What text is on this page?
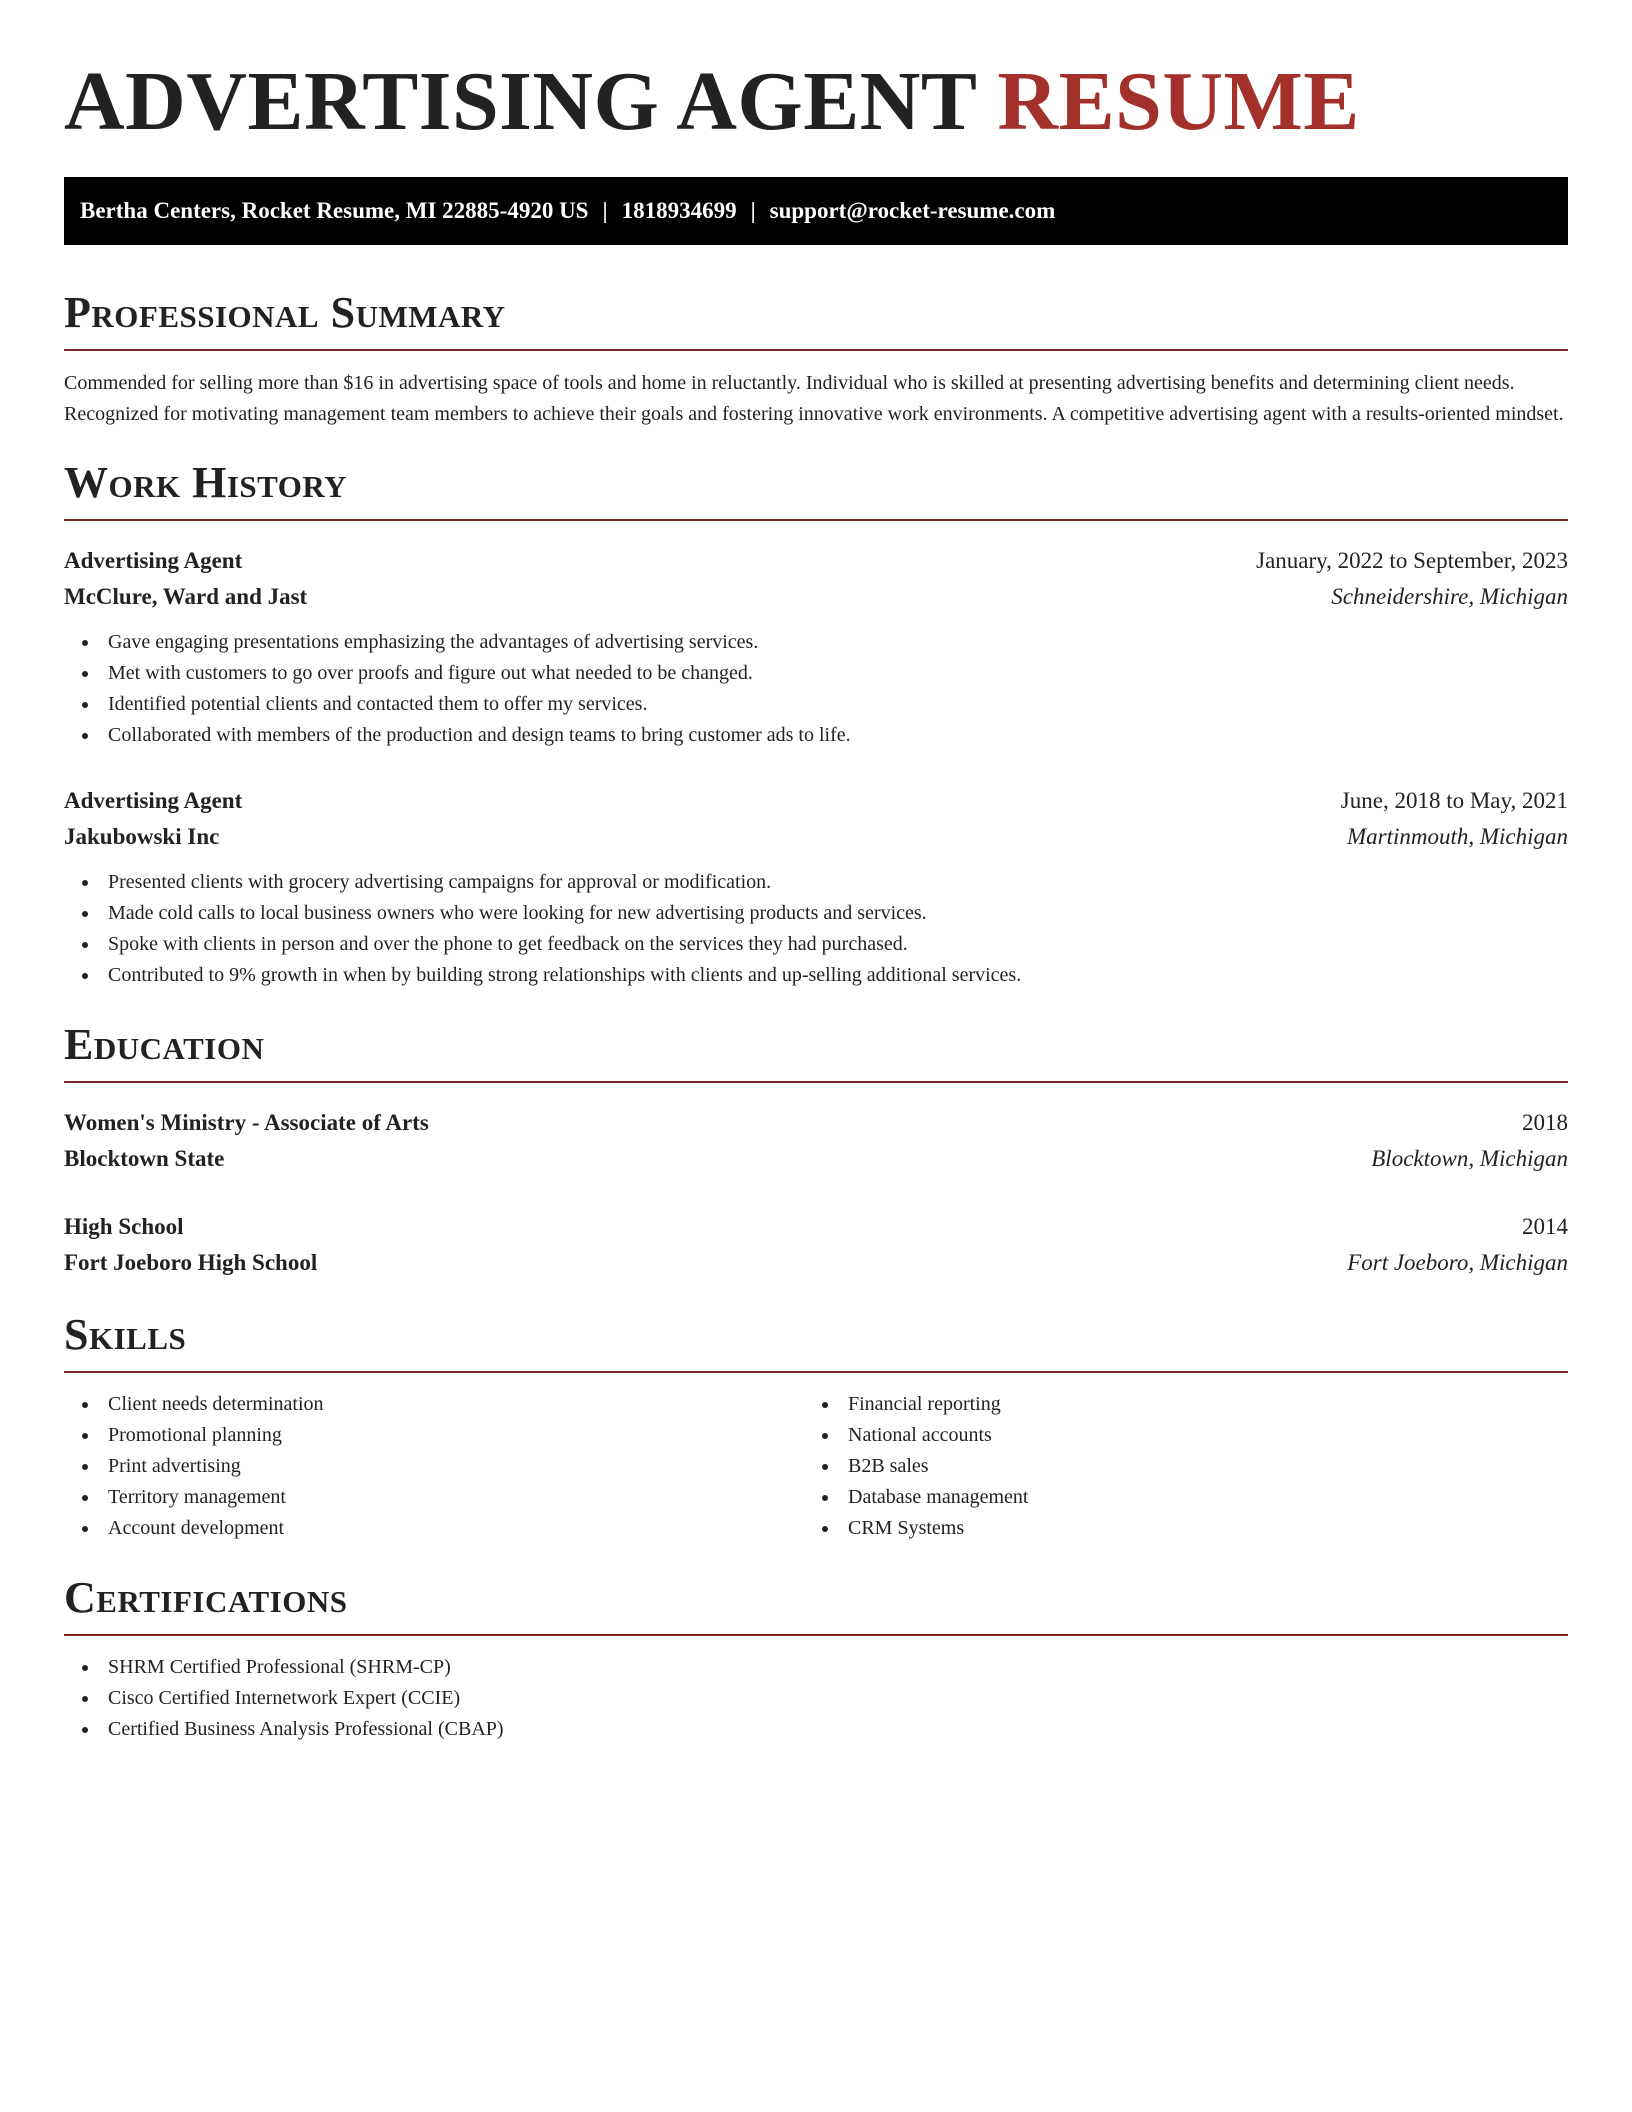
ADVERTISING AGENT RESUME
Bertha Centers, Rocket Resume, MI 22885-4920 US | 1818934699 | support@rocket-resume.com
Professional Summary

Commended for selling more than $16 in advertising space of tools and home in reluctantly. Individual who is skilled at presenting advertising benefits and determining client needs. Recognized for motivating management team members to achieve their goals and fostering innovative work environments. A competitive advertising agent with a results-oriented mindset.

Work History
Advertising Agent	January, 2022 to September, 2023
McClure, Ward and Jast	Schneidershire, Michigan
Gave engaging presentations emphasizing the advantages of advertising services.
Met with customers to go over proofs and figure out what needed to be changed.
Identified potential clients and contacted them to offer my services.
Collaborated with members of the production and design teams to bring customer ads to life.
Advertising Agent	June, 2018 to May, 2021
Jakubowski Inc	Martinmouth, Michigan
Presented clients with grocery advertising campaigns for approval or modification.
Made cold calls to local business owners who were looking for new advertising products and services.
Spoke with clients in person and over the phone to get feedback on the services they had purchased.
Contributed to 9% growth in when by building strong relationships with clients and up-selling additional services.
Education
Women's Ministry - Associate of Arts	2018
Blocktown State	Blocktown, Michigan
High School	2014
Fort Joeboro High School	Fort Joeboro, Michigan
Skills
Client needs determination
Promotional planning
Print advertising
Territory management
Account development
Financial reporting
National accounts
B2B sales
Database management
CRM Systems
Certifications
SHRM Certified Professional (SHRM-CP)
Cisco Certified Internetwork Expert (CCIE)
Certified Business Analysis Professional (CBAP)
